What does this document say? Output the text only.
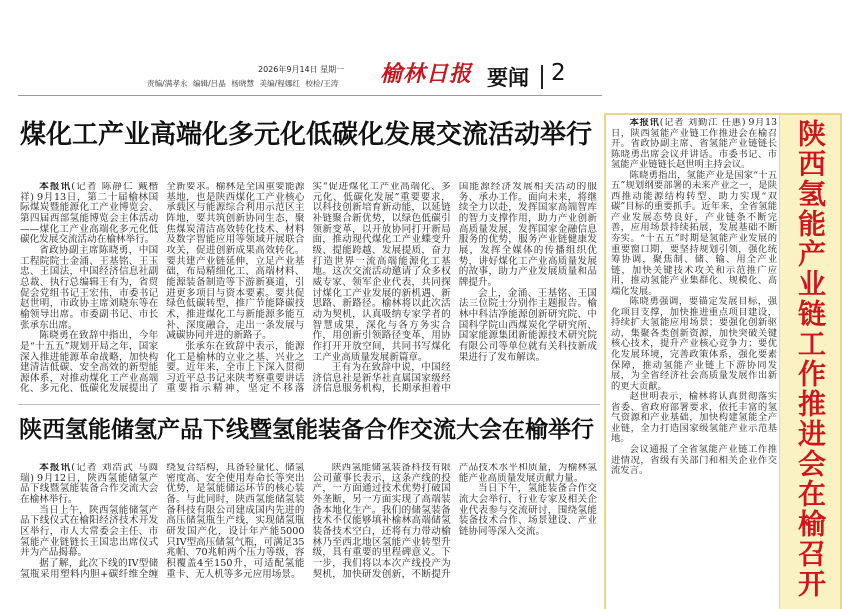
2026年9月14日 星期一
责编/满孝永 编辑/吕晶 杨晓慧 美编/程娜红 校检/王涛 榆林日报 要闻 2
煤化工产业高端化多元化低碳化发展交流活动举行

本报讯(记者 陈静仁 戴楷祥) 9月13日，第二十届榆林国际煤炭暨能源化工产业博览会、第四届西部氢能博览会主体活动——煤化工产业高端化多元化低碳化发展交流活动在榆林举行。

省政协副主席陈晓勇，中国工程院院士金涌、王基铭、王玉忠、王国法，中国经济信息社副总裁、执行总编辑王有为，省贸促会党组书记王宏伟，市委书记赵世明，市政协主席刘晓东等在榆领导出席。市委副书记、市长张承东出席。

陈晓勇在致辞中指出，今年是“十五五”规划开局之年，国家深入推进能源革命战略，加快构建清洁低碳、安全高效的新型能源体系，对推动煤化工产业高端化、多元化、低碳化发展提出了全新要求。榆林是全国重要能源基地，也是陕西煤化工产业核心承载区与能源综合利用示范区主阵地，要共筑创新协同生态，聚焦煤炭清洁高效转化技术、材料及数字智能应用等领域开展联合攻关，促进创新成果高效转化。要共建产业链延伸，立足产业基础，布局精细化工、高端材料、能源装备制造等下游新赛道，引进更多项目与资本要素。要共促绿色低碳转型，推广节能降碳技术，推进煤化工与新能源多能互补、深度融合，走出一条发展与减碳协同并进的新路子。

张承东在致辞中表示，能源化工是榆林的立业之基、兴业之要。近年来，全市上下深入贯彻习近平总书记来陕考察重要讲话重要指示精神，坚定不移落实“促进煤化工产业高端化、多元化、低碳化发展”重要要求，以科技创新培育新动能，以延链补链聚合新优势，以绿色低碳引领新变革，以开放协同打开新局面，推动现代煤化工产业蝶变升级、提能跨越、发展提质，奋力打造世界一流高端能源化工基地。这次交流活动邀请了众多权威专家、领军企业代表，共同探讨煤化工产业发展的新机遇、新思路、新路径。榆林将以此次活动为契机，认真吸纳专家学者的智慧成果，深化与各方务实合作，用创新引领路径变革，用协作打开开放空间，共同书写煤化工产业高质量发展新篇章。

王有为在致辞中说，中国经济信息社是新华社直属国家级经济信息服务机构，长期承担着中国能源经济发展相关活动的服务、承办工作。面向未来，将继续全力以赴，发挥国家高端智库的智力支撑作用，助力产业创新高质量发展，发挥国家金融信息服务的优势，服务产业链健康发展，发挥全媒体的传播组织优势，讲好煤化工产业高质量发展的故事，助力产业发展质量和品牌提升。

会上，金涌、王基铭、王国法三位院士分别作主题报告。榆林中科洁净能源创新研究院、中国科学院山西煤炭化学研究所、国家能源集团新能源技术研究院有限公司等单位就有关科技新成果进行了发布解读。

陕西氢能储氢产品下线暨氢能装备合作交流大会在榆举行

本报讯(记者 刘浩武 马圆瑞) 9月12日，陕西氢能储氢产品下线暨氢能装备合作交流大会在榆林举行。

当日上午，陕西氢能储氢产品下线仪式在榆阳经济技术开发区举行，市人大常委会主任、市氢能产业链链长王国忠出席仪式并为产品揭幕。

据了解，此次下线的IV型储氢瓶采用塑料内胆+碳纤维全缠绕复合结构，具备轻量化、储氢密度高、安全使用寿命长等突出优势，是氢能储运环节的核心装备。与此同时，陕西氢能储氢装备科技有限公司建成国内先进的高压储氢瓶生产线，实现储氢瓶研发国产化，设计年产能5000只IV型高压储氢气瓶，可满足35兆帕、70兆帕两个压力等级，容积覆盖4至150升，可适配氢能重卡、无人机等多元应用场景。

陕西氢能储氢装备科技有限公司董事长表示，这条产线的投产，一方面通过技术优势打破国外垄断，另一方面实现了高端装备本地化生产。我们的储氢装备技术不仅能够填补榆林高端储氢装备技术空白，还将有力带动榆林乃至西北地区氢能产业转型升级，具有重要的里程碑意义。下一步，我们将以本次产线投产为契机，加快研发创新，不断提升产品技术水平和质量，为榆林氢能产业高质量发展贡献力量。

当日下午，氢能装备合作交流大会举行，行业专家及相关企业代表参与交流研讨，围绕氢能装备技术合作、场景建设、产业链协同等深入交流。

本报讯(记者 刘勤江 任惠) 9月13日，陕西氢能产业链工作推进会在榆召开。省政协副主席、省氢能产业链链长陈晓勇出席会议并讲话。市委书记、市氢能产业链链长赵世明主持会议。

陈晓勇指出，氢能产业是国家“十五五”规划纲要部署的未来产业之一，是陕西推动能源结构转型、助力实现“双碳”目标的重要抓手。近年来，全省氢能产业发展态势良好，产业链条不断完善，应用场景持续拓展，发展基础不断夯实。“十五五”时期是氢能产业发展的重要窗口期，要坚持规划引领，强化统筹协调，聚焦制、储、输、用全产业链，加快关键技术攻关和示范推广应用，推动氢能产业集群化、规模化、高端化发展。

陈晓勇强调，要锚定发展目标，强化项目支撑，加快推进重点项目建设，持续扩大氢能应用场景；要强化创新驱动，集聚各类创新资源，加快突破关键核心技术，提升产业核心竞争力；要优化发展环境，完善政策体系，强化要素保障，推动氢能产业链上下游协同发展，为全省经济社会高质量发展作出新的更大贡献。

赵世明表示，榆林将认真贯彻落实省委、省政府部署要求，依托丰富的氢气资源和产业基础，加快构建氢能全产业链，全力打造国家级氢能产业示范基地。

会议通报了全省氢能产业链工作推进情况，省级有关部门和相关企业作交流发言。	陕西氢能产业链工作推进会在榆召开
